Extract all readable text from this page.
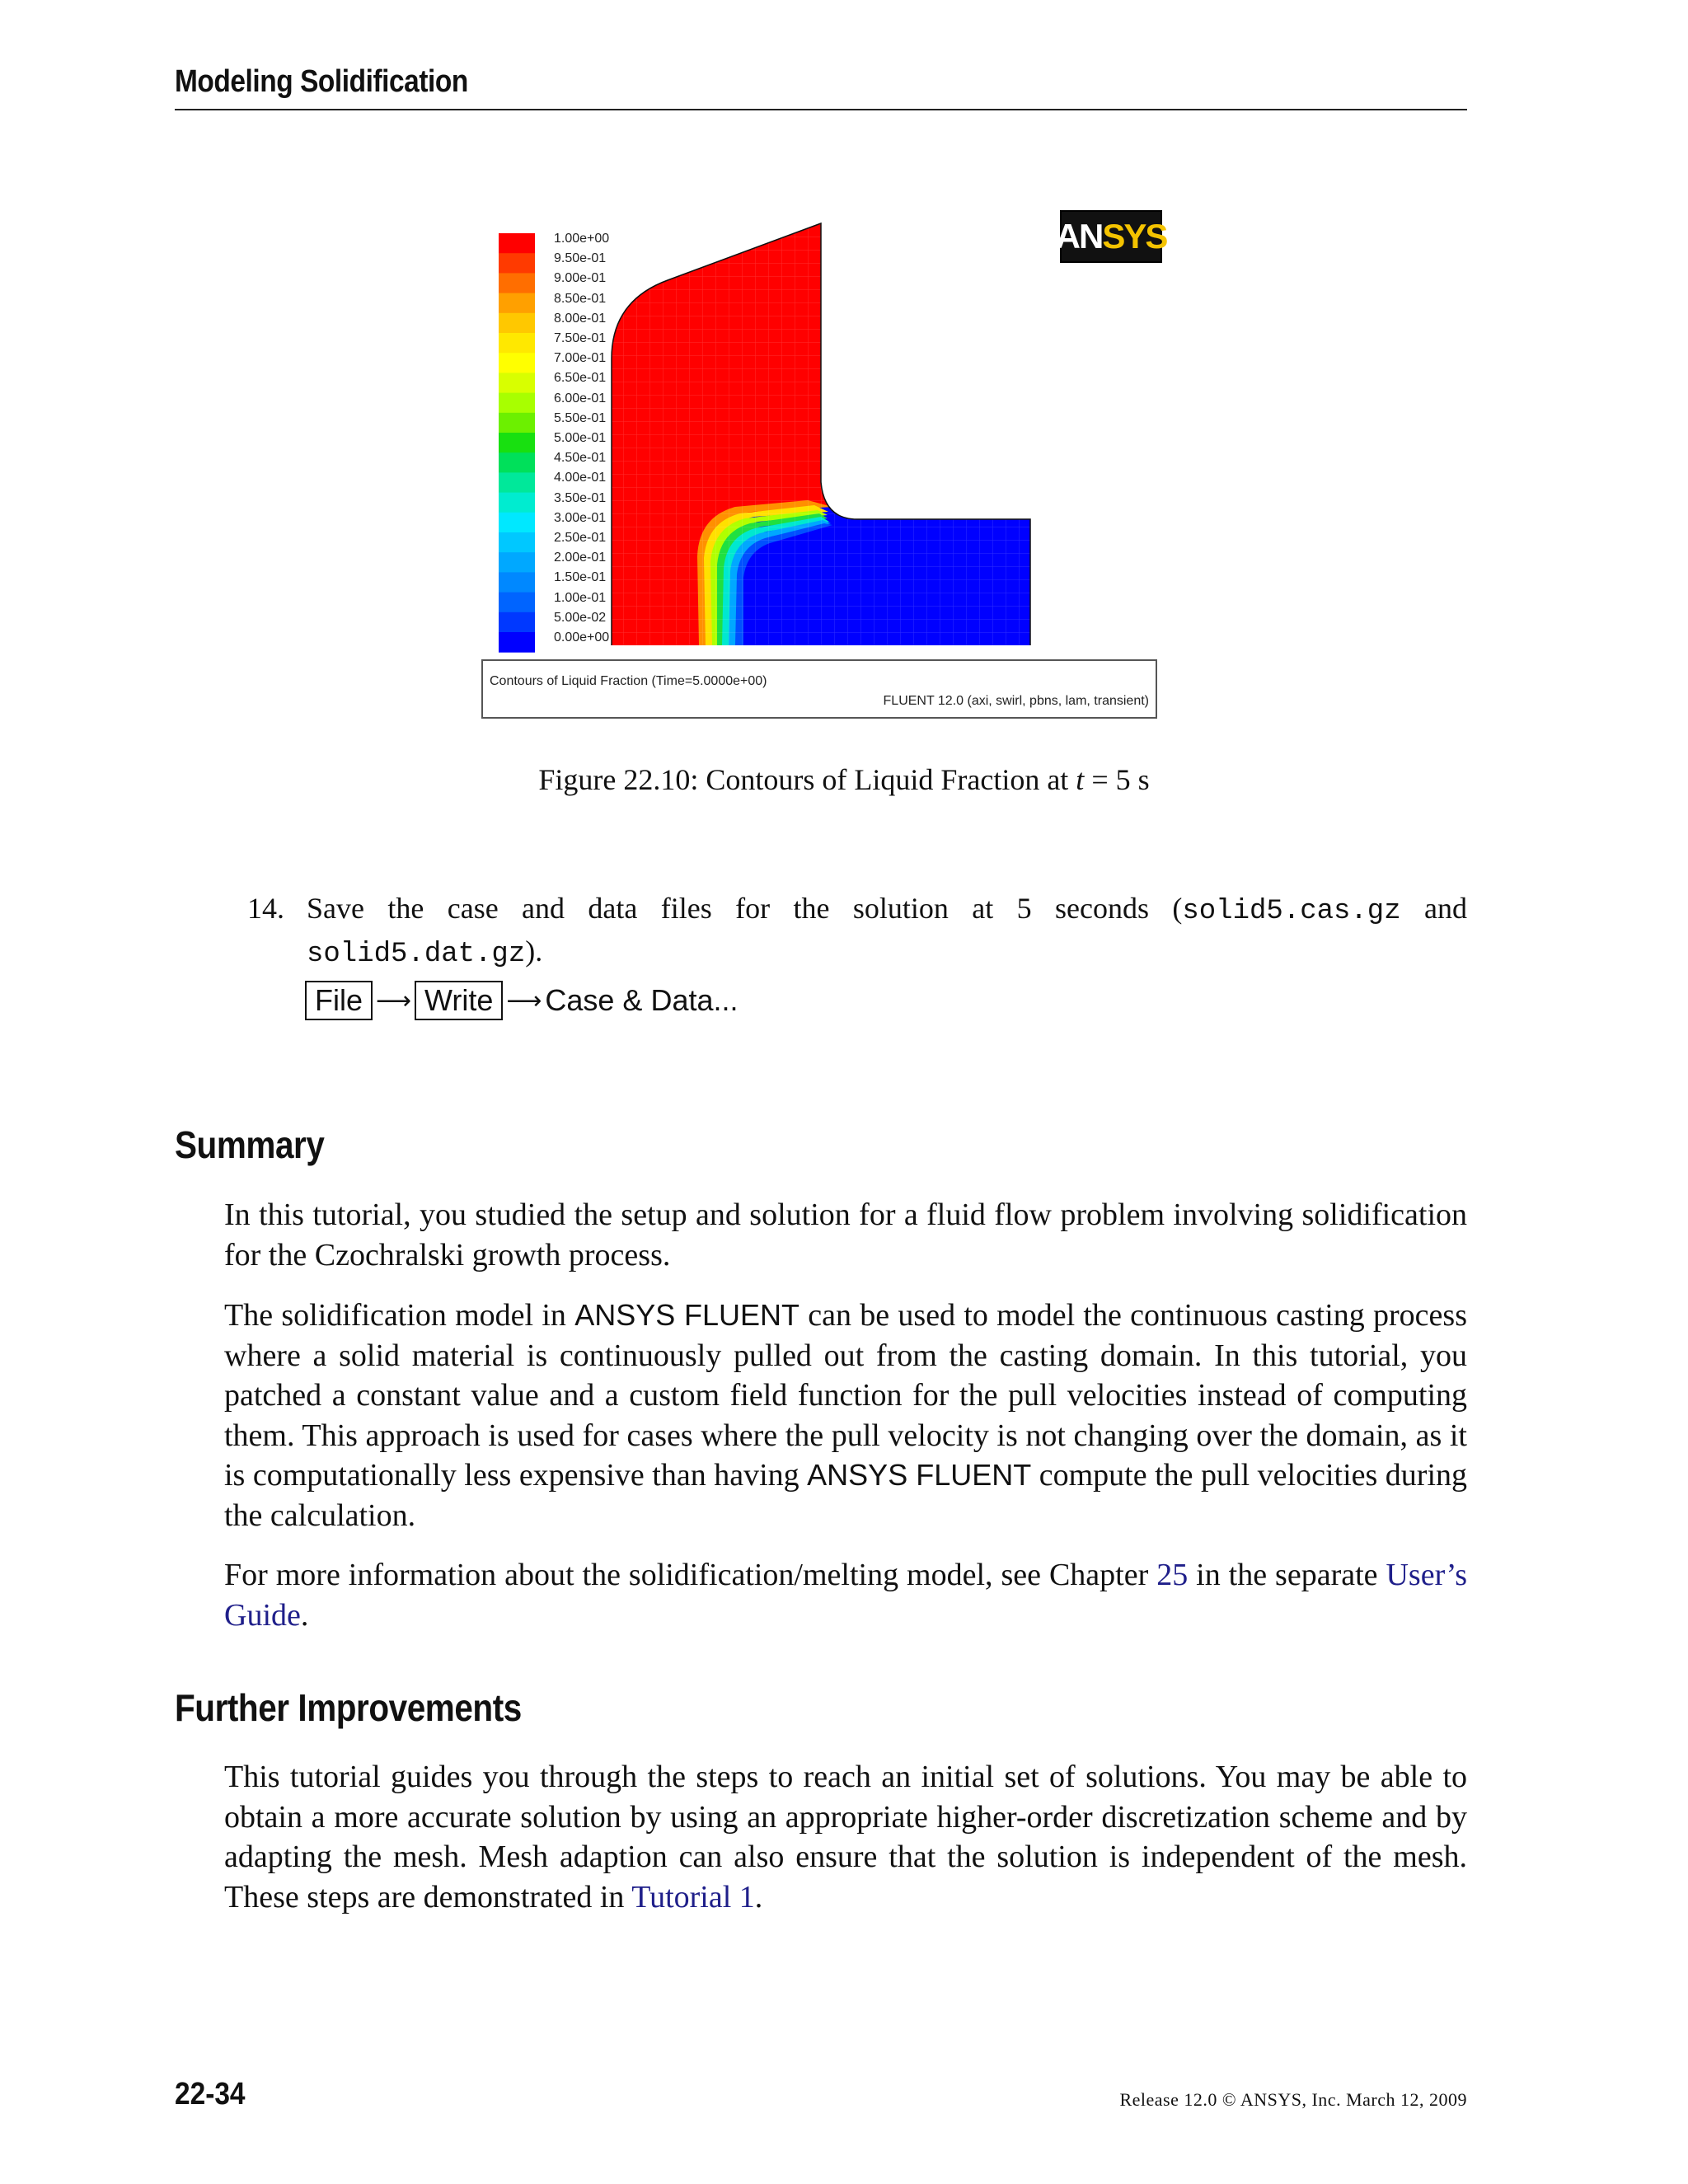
Modeling Solidification
1.00e+00
9.50e-01
9.00e-01
8.50e-01
8.00e-01
7.50e-01
7.00e-01
6.50e-01
6.00e-01
5.50e-01
5.00e-01
4.50e-01
4.00e-01
3.50e-01
3.00e-01
2.50e-01
2.00e-01
1.50e-01
1.00e-01
5.00e-02
0.00e+00
AN SYS
Contours of Liquid Fraction (Time=5.0000e+00)
FLUENT 12.0 (axi, swirl, pbns, lam, transient)
Figure 22.10: Contours of Liquid Fraction at t = 5 s
14. Save the case and data files for the solution at 5 seconds (solid5.cas.gz and solid5.dat.gz).
File ⟶ Write ⟶ Case & Data...
Summary
In this tutorial, you studied the setup and solution for a fluid flow problem involving solidification for the Czochralski growth process.
The solidification model in ANSYS FLUENT can be used to model the continuous casting process where a solid material is continuously pulled out from the casting domain. In this tutorial, you patched a constant value and a custom field function for the pull velocities instead of computing them. This approach is used for cases where the pull velocity is not changing over the domain, as it is computationally less expensive than having ANSYS FLUENT compute the pull velocities during the calculation.
For more information about the solidification/melting model, see Chapter 25 in the separate User’s Guide.
Further Improvements
This tutorial guides you through the steps to reach an initial set of solutions. You may be able to obtain a more accurate solution by using an appropriate higher-order discretization scheme and by adapting the mesh. Mesh adaption can also ensure that the solution is independent of the mesh. These steps are demonstrated in Tutorial 1.
22-34	Release 12.0 © ANSYS, Inc. March 12, 2009
